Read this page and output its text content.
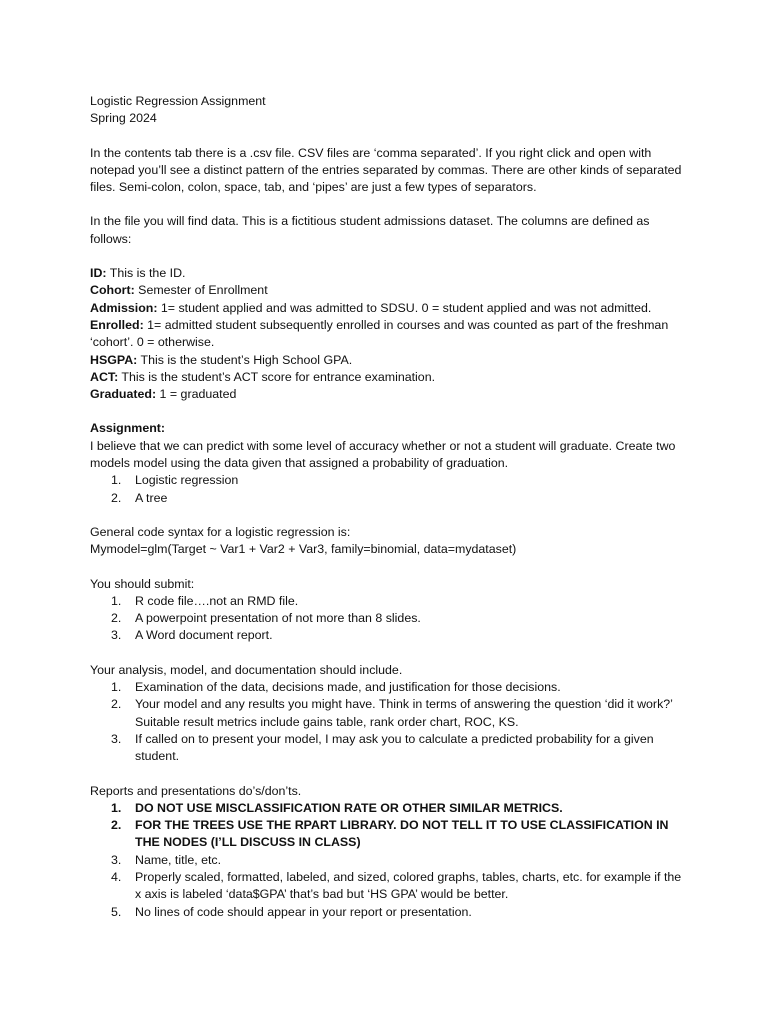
Logistic Regression Assignment

Spring 2024

In the contents tab there is a .csv file. CSV files are ‘comma separated’. If you right click and open with notepad you’ll see a distinct pattern of the entries separated by commas. There are other kinds of separated files. Semi-colon, colon, space, tab, and ‘pipes’ are just a few types of separators.

In the file you will find data. This is a fictitious student admissions dataset. The columns are defined as follows:

ID: This is the ID.

Cohort: Semester of Enrollment

Admission: 1= student applied and was admitted to SDSU. 0 = student applied and was not admitted.

Enrolled: 1= admitted student subsequently enrolled in courses and was counted as part of the freshman ‘cohort’. 0 = otherwise.

HSGPA: This is the student’s High School GPA.

ACT: This is the student’s ACT score for entrance examination.

Graduated: 1 = graduated

Assignment:

I believe that we can predict with some level of accuracy whether or not a student will graduate. Create two models model using the data given that assigned a probability of graduation.

1. Logistic regression
2. A tree

General code syntax for a logistic regression is:

Mymodel=glm(Target ~ Var1 + Var2 + Var3, family=binomial, data=mydataset)

You should submit:

1. R code file….not an RMD file.
2. A powerpoint presentation of not more than 8 slides.
3. A Word document report.

Your analysis, model, and documentation should include.

1. Examination of the data, decisions made, and justification for those decisions.
2. Your model and any results you might have. Think in terms of answering the question ‘did it work?’ Suitable result metrics include gains table, rank order chart, ROC, KS.
3. If called on to present your model, I may ask you to calculate a predicted probability for a given student.

Reports and presentations do’s/don’ts.

1. DO NOT USE MISCLASSIFICATION RATE OR OTHER SIMILAR METRICS.
2. FOR THE TREES USE THE RPART LIBRARY. DO NOT TELL IT TO USE CLASSIFICATION IN THE NODES (I’LL DISCUSS IN CLASS)
3. Name, title, etc.
4. Properly scaled, formatted, labeled, and sized, colored graphs, tables, charts, etc. for example if the x axis is labeled ‘data$GPA’ that’s bad but ‘HS GPA’ would be better.
5. No lines of code should appear in your report or presentation.
